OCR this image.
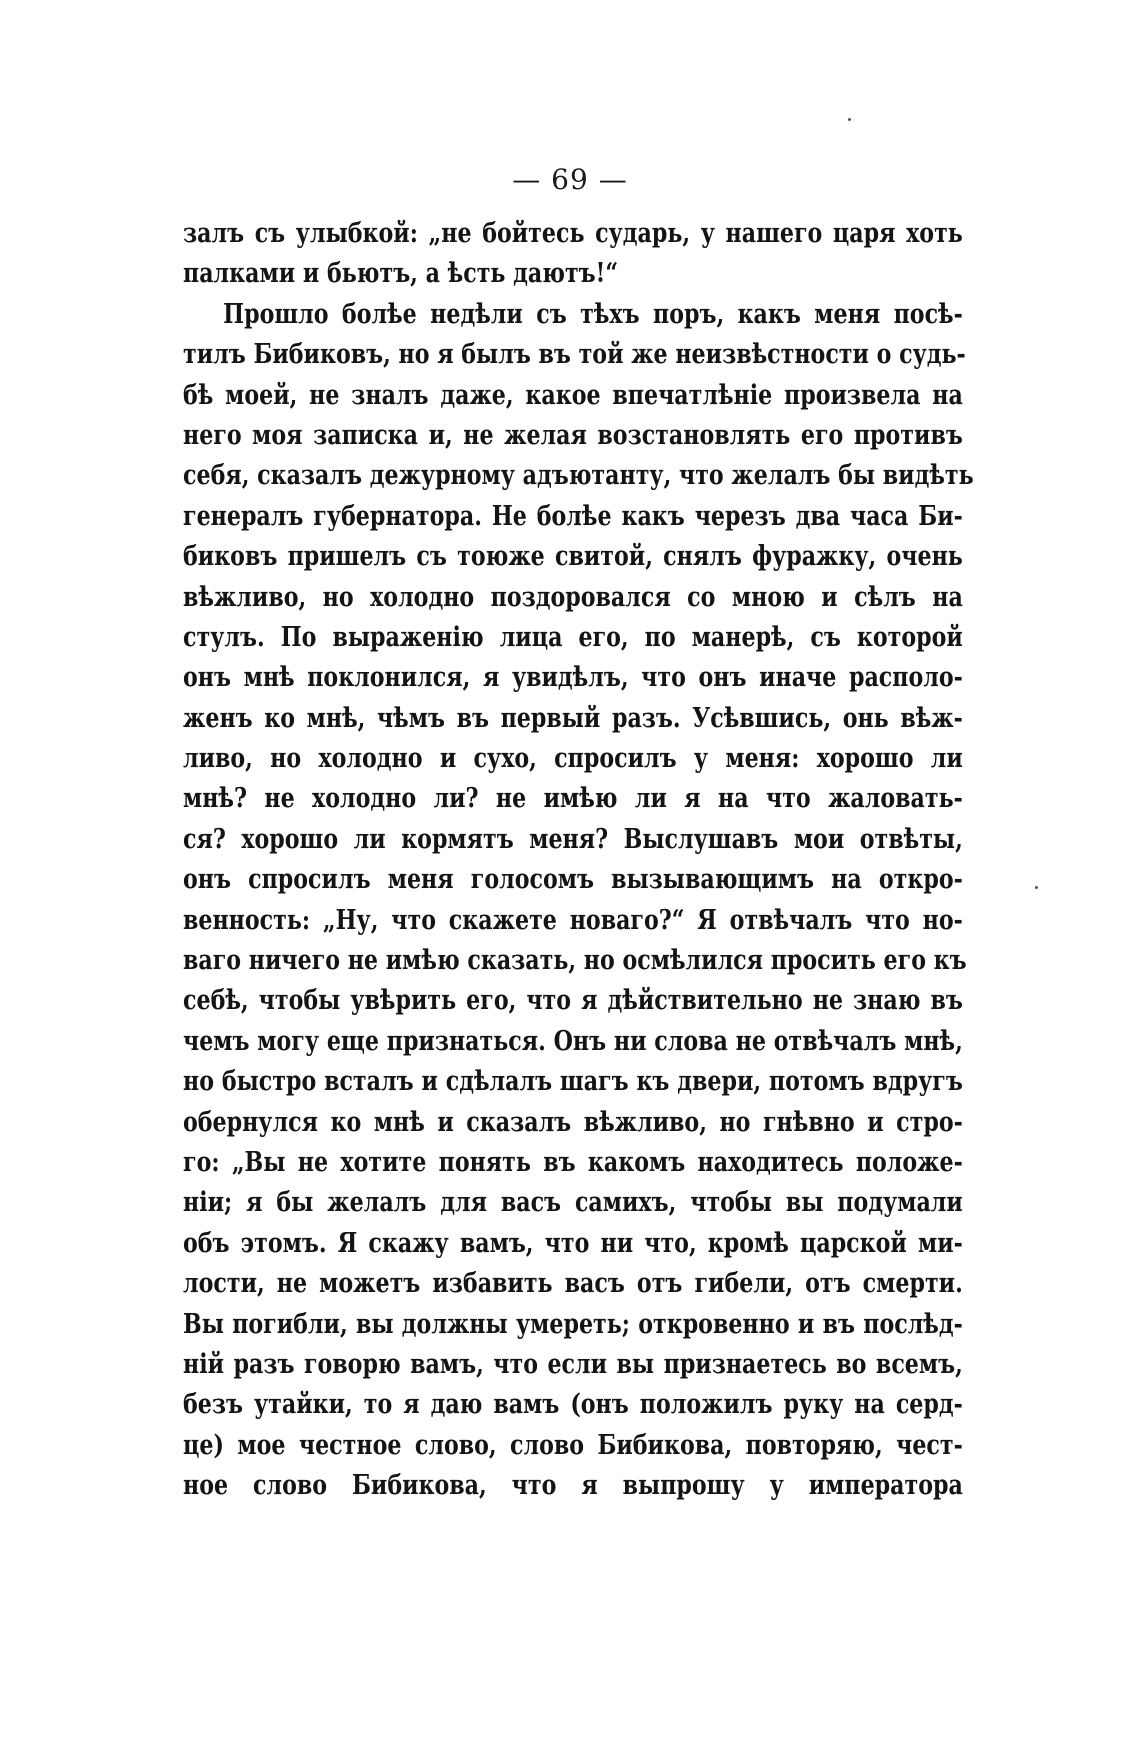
— 69 —
залъ съ улыбкой: „не бойтесь сударь, у нашего царя хоть
палками и бьютъ, а ѣсть даютъ!“
Прошло болѣе недѣли съ тѣхъ поръ, какъ меня посѣ-
тилъ Бибиковъ, но я былъ въ той же неизвѣстности о судь-
бѣ моей, не зналъ даже, какое впечатлѣніе произвела на
него моя записка и, не желая возстановлять его противъ
себя, сказалъ дежурному адъютанту, что желалъ бы видѣть
генералъ губернатора. Не болѣе какъ черезъ два часа Би-
биковъ пришелъ съ тоюже свитой, снялъ фуражку, очень
вѣжливо, но холодно поздоровался со мною и сѣлъ на
стулъ. По выраженію лица его, по манерѣ, съ которой
онъ мнѣ поклонился, я увидѣлъ, что онъ иначе располо-
женъ ко мнѣ, чѣмъ въ первый разъ. Усѣвшись, онь вѣж-
ливо, но холодно и сухо, спросилъ у меня: хорошо ли
мнѣ? не холодно ли? не имѣю ли я на что жаловать-
ся? хорошо ли кормятъ меня? Выслушавъ мои отвѣты,
онъ спросилъ меня голосомъ вызывающимъ на откро-
венность: „Ну, что скажете новаго?“ Я отвѣчалъ что но-
ваго ничего не имѣю сказать, но осмѣлился просить его къ
себѣ, чтобы увѣрить его, что я дѣйствительно не знаю въ
чемъ могу еще признаться. Онъ ни слова не отвѣчалъ мнѣ,
но быстро всталъ и сдѣлалъ шагъ къ двери, потомъ вдругъ
обернулся ко мнѣ и сказалъ вѣжливо, но гнѣвно и стро-
го: „Вы не хотите понять въ какомъ находитесь положе-
ніи; я бы желалъ для васъ самихъ, чтобы вы подумали
объ этомъ. Я скажу вамъ, что ни что, кромѣ царской ми-
лости, не можетъ избавить васъ отъ гибели, отъ смерти.
Вы погибли, вы должны умереть; откровенно и въ послѣд-
ній разъ говорю вамъ, что если вы признаетесь во всемъ,
безъ утайки, то я даю вамъ (онъ положилъ руку на серд-
це) мое честное слово, слово Бибикова, повторяю, чест-
ное слово Бибикова, что я выпрошу у императора
